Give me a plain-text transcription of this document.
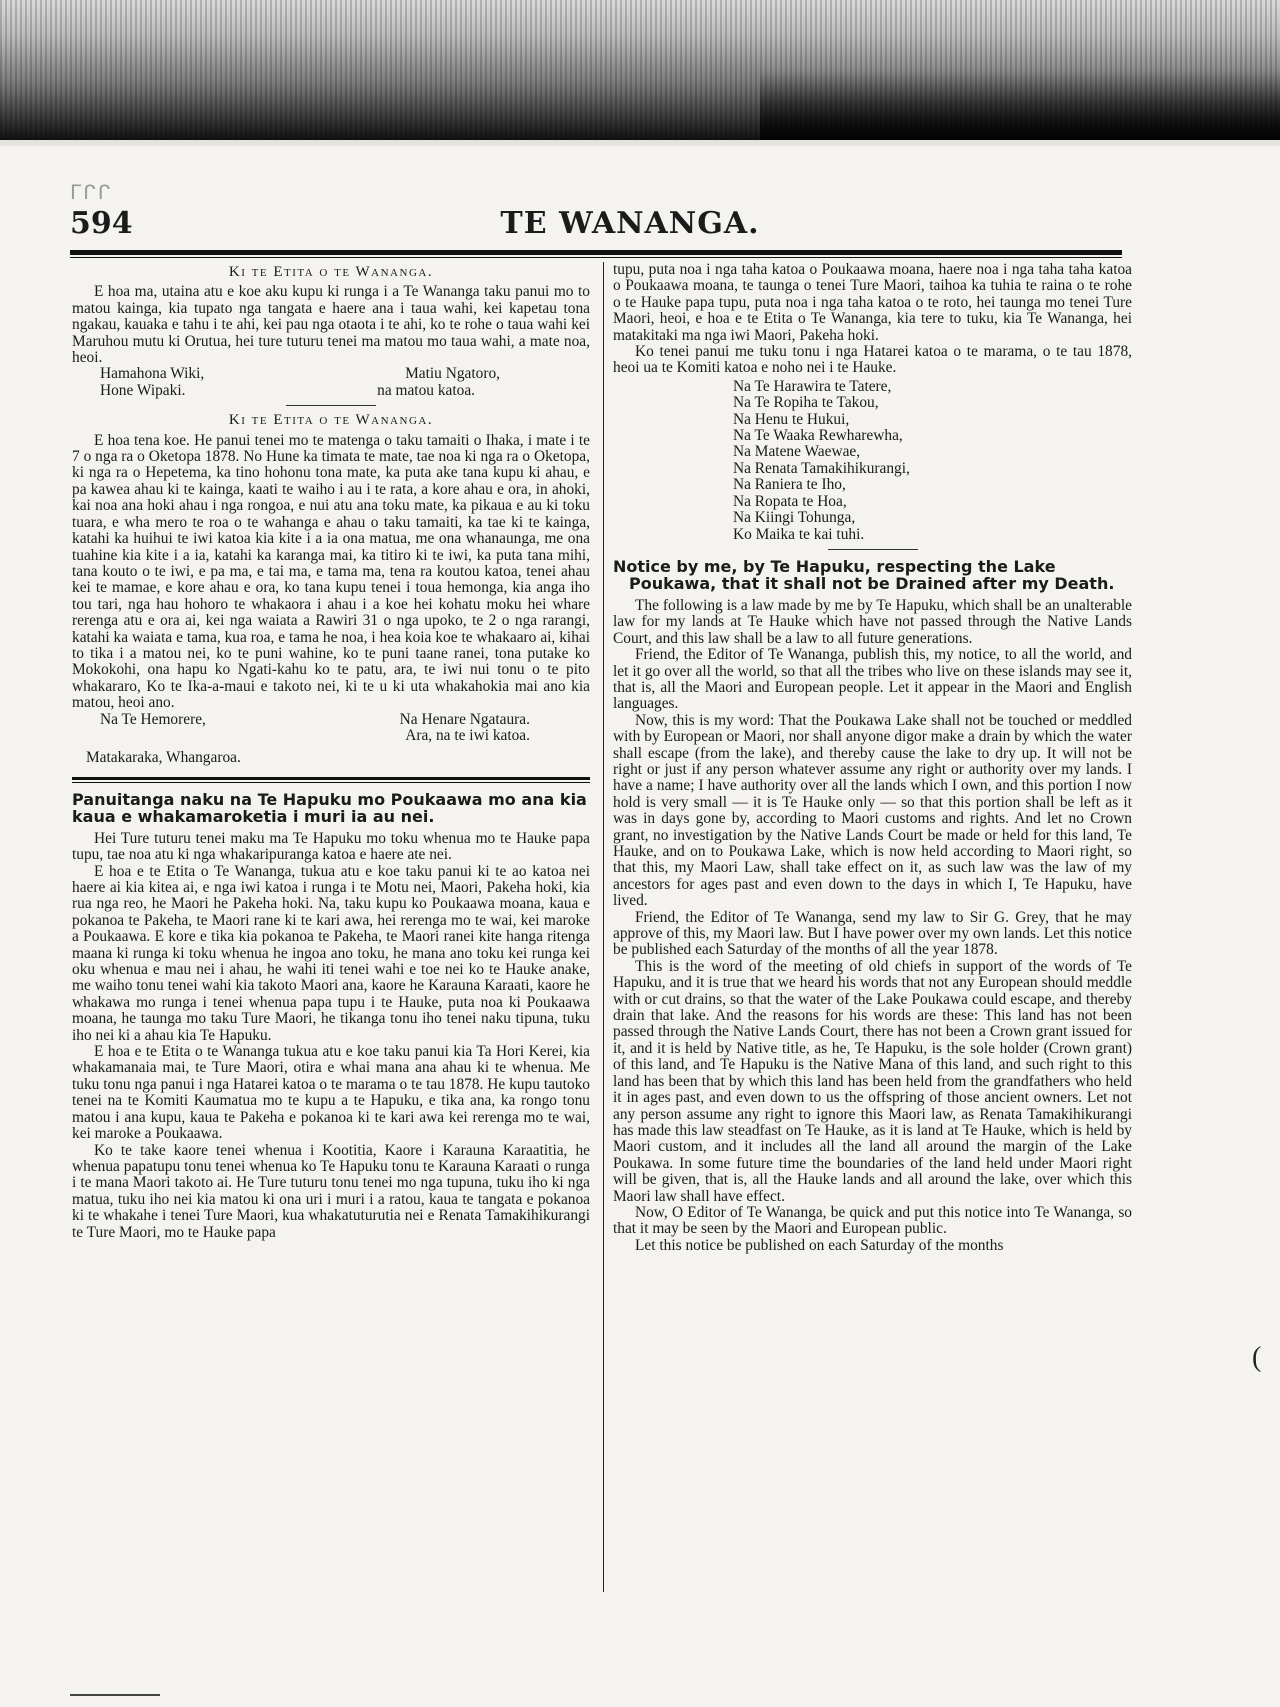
ᒥᒋᒋ
594	TE WANANGA.
Ki te Etita o te Wananga.

E hoa ma, utaina atu e koe aku kupu ki runga i a Te Wananga taku panui mo to matou kainga, kia tupato nga tangata e haere ana i taua wahi, kei kapetau tona ngakau, kauaka e tahu i te ahi, kei pau nga otaota i te ahi, ko te rohe o taua wahi kei Maruhou mutu ki Orutua, hei ture tuturu tenei ma matou mo taua wahi, a mate noa, heoi.

Hamahona Wiki,	Matiu Ngatoro,
Hone Wipaki.	na matou katoa.
Ki te Etita o te Wananga.

E hoa tena koe. He panui tenei mo te matenga o taku tamaiti o Ihaka, i mate i te 7 o nga ra o Oketopa 1878. No Hune ka timata te mate, tae noa ki nga ra o Oketopa, ki nga ra o Hepetema, ka tino hohonu tona mate, ka puta ake tana kupu ki ahau, e pa kawea ahau ki te kainga, kaati te waiho i au i te rata, a kore ahau e ora, in ahoki, kai noa ana hoki ahau i nga rongoa, e nui atu ana toku mate, ka pikaua e au ki toku tuara, e wha mero te roa o te wahanga e ahau o taku tamaiti, ka tae ki te kainga, katahi ka huihui te iwi katoa kia kite i a ia ona matua, me ona whanaunga, me ona tuahine kia kite i a ia, katahi ka karanga mai, ka titiro ki te iwi, ka puta tana mihi, tana kouto o te iwi, e pa ma, e tai ma, e tama ma, tena ra koutou katoa, tenei ahau kei te mamae, e kore ahau e ora, ko tana kupu tenei i toua hemonga, kia anga iho tou tari, nga hau hohoro te whakaora i ahau i a koe hei kohatu moku hei whare rerenga atu e ora ai, kei nga waiata a Rawiri 31 o nga upoko, te 2 o nga rarangi, katahi ka waiata e tama, kua roa, e tama he noa, i hea koia koe te whakaaro ai, kihai to tika i a matou nei, ko te puni wahine, ko te puni taane ranei, tona putake ko Mokokohi, ona hapu ko Ngati-kahu ko te patu, ara, te iwi nui tonu o te pito whakararo, Ko te Ika-a-maui e takoto nei, ki te u ki uta whakahokia mai ano kia matou, heoi ano.

Na Te Hemorere,	Na Henare Ngataura.
Ara, na te iwi katoa.

Matakaraka, Whangaroa.

Panuitanga naku na Te Hapuku mo Poukaawa mo ana kia kaua e whakamaroketia i muri ia au nei.

Hei Ture tuturu tenei maku ma Te Hapuku mo toku whenua mo te Hauke papa tupu, tae noa atu ki nga whakaripuranga katoa e haere ate nei.

E hoa e te Etita o Te Wananga, tukua atu e koe taku panui ki te ao katoa nei haere ai kia kitea ai, e nga iwi katoa i runga i te Motu nei, Maori, Pakeha hoki, kia rua nga reo, he Maori he Pakeha hoki. Na, taku kupu ko Poukaawa moana, kaua e pokanoa te Pakeha, te Maori rane ki te kari awa, hei rerenga mo te wai, kei maroke a Poukaawa. E kore e tika kia pokanoa te Pakeha, te Maori ranei kite hanga ritenga maana ki runga ki toku whenua he ingoa ano toku, he mana ano toku kei runga kei oku whenua e mau nei i ahau, he wahi iti tenei wahi e toe nei ko te Hauke anake, me waiho tonu tenei wahi kia takoto Maori ana, kaore he Karauna Karaati, kaore he whakawa mo runga i tenei whenua papa tupu i te Hauke, puta noa ki Poukaawa moana, he taunga mo taku Ture Maori, he tikanga tonu iho tenei naku tipuna, tuku iho nei ki a ahau kia Te Hapuku.

E hoa e te Etita o te Wananga tukua atu e koe taku panui kia Ta Hori Kerei, kia whakamanaia mai, te Ture Maori, otira e whai mana ana ahau ki te whenua. Me tuku tonu nga panui i nga Hatarei katoa o te marama o te tau 1878. He kupu tautoko tenei na te Komiti Kaumatua mo te kupu a te Hapuku, e tika ana, ka rongo tonu matou i ana kupu, kaua te Pakeha e pokanoa ki te kari awa kei rerenga mo te wai, kei maroke a Poukaawa.

Ko te take kaore tenei whenua i Kootitia, Kaore i Karauna Karaatitia, he whenua papatupu tonu tenei whenua ko Te Hapuku tonu te Karauna Karaati o runga i te mana Maori takoto ai. He Ture tuturu tonu tenei mo nga tupuna, tuku iho ki nga matua, tuku iho nei kia matou ki ona uri i muri i a ratou, kaua te tangata e pokanoa ki te whakahe i tenei Ture Maori, kua whakatuturutia nei e Renata Tamakihikurangi te Ture Maori, mo te Hauke papa

tupu, puta noa i nga taha katoa o Poukaawa moana, haere noa i nga taha taha katoa o Poukaawa moana, te taunga o tenei Ture Maori, taihoa ka tuhia te raina o te rohe o te Hauke papa tupu, puta noa i nga taha katoa o te roto, hei taunga mo tenei Ture Maori, heoi, e hoa e te Etita o Te Wananga, kia tere to tuku, kia Te Wananga, hei matakitaki ma nga iwi Maori, Pakeha hoki.

Ko tenei panui me tuku tonu i nga Hatarei katoa o te marama, o te tau 1878, heoi ua te Komiti katoa e noho nei i te Hauke.

Na Te Harawira te Tatere,
Na Te Ropiha te Takou,
Na Henu te Hukui,
Na Te Waaka Rewharewha,
Na Matene Waewae,
Na Renata Tamakihikurangi,
Na Raniera te Iho,
Na Ropata te Hoa,
Na Kiingi Tohunga,
Ko Maika te kai tuhi.
Notice by me, by Te Hapuku, respecting the Lake
Poukawa, that it shall not be Drained after my Death.

The following is a law made by me by Te Hapuku, which shall be an unalterable law for my lands at Te Hauke which have not passed through the Native Lands Court, and this law shall be a law to all future generations.

Friend, the Editor of Te Wananga, publish this, my notice, to all the world, and let it go over all the world, so that all the tribes who live on these islands may see it, that is, all the Maori and European people. Let it appear in the Maori and English languages.

Now, this is my word: That the Poukawa Lake shall not be touched or meddled with by European or Maori, nor shall anyone digor make a drain by which the water shall escape (from the lake), and thereby cause the lake to dry up. It will not be right or just if any person whatever assume any right or authority over my lands. I have a name; I have authority over all the lands which I own, and this portion I now hold is very small — it is Te Hauke only — so that this portion shall be left as it was in days gone by, according to Maori customs and rights. And let no Crown grant, no investigation by the Native Lands Court be made or held for this land, Te Hauke, and on to Poukawa Lake, which is now held according to Maori right, so that this, my Maori Law, shall take effect on it, as such law was the law of my ancestors for ages past and even down to the days in which I, Te Hapuku, have lived.

Friend, the Editor of Te Wananga, send my law to Sir G. Grey, that he may approve of this, my Maori law. But I have power over my own lands. Let this notice be published each Saturday of the months of all the year 1878.

This is the word of the meeting of old chiefs in support of the words of Te Hapuku, and it is true that we heard his words that not any European should meddle with or cut drains, so that the water of the Lake Poukawa could escape, and thereby drain that lake. And the reasons for his words are these: This land has not been passed through the Native Lands Court, there has not been a Crown grant issued for it, and it is held by Native title, as he, Te Hapuku, is the sole holder (Crown grant) of this land, and Te Hapuku is the Native Mana of this land, and such right to this land has been that by which this land has been held from the grandfathers who held it in ages past, and even down to us the offspring of those ancient owners. Let not any person assume any right to ignore this Maori law, as Renata Tamakihikurangi has made this law steadfast on Te Hauke, as it is land at Te Hauke, which is held by Maori custom, and it includes all the land all around the margin of the Lake Poukawa. In some future time the boundaries of the land held under Maori right will be given, that is, all the Hauke lands and all around the lake, over which this Maori law shall have effect.

Now, O Editor of Te Wananga, be quick and put this notice into Te Wananga, so that it may be seen by the Maori and European public.

Let this notice be published on each Saturday of the months

(
